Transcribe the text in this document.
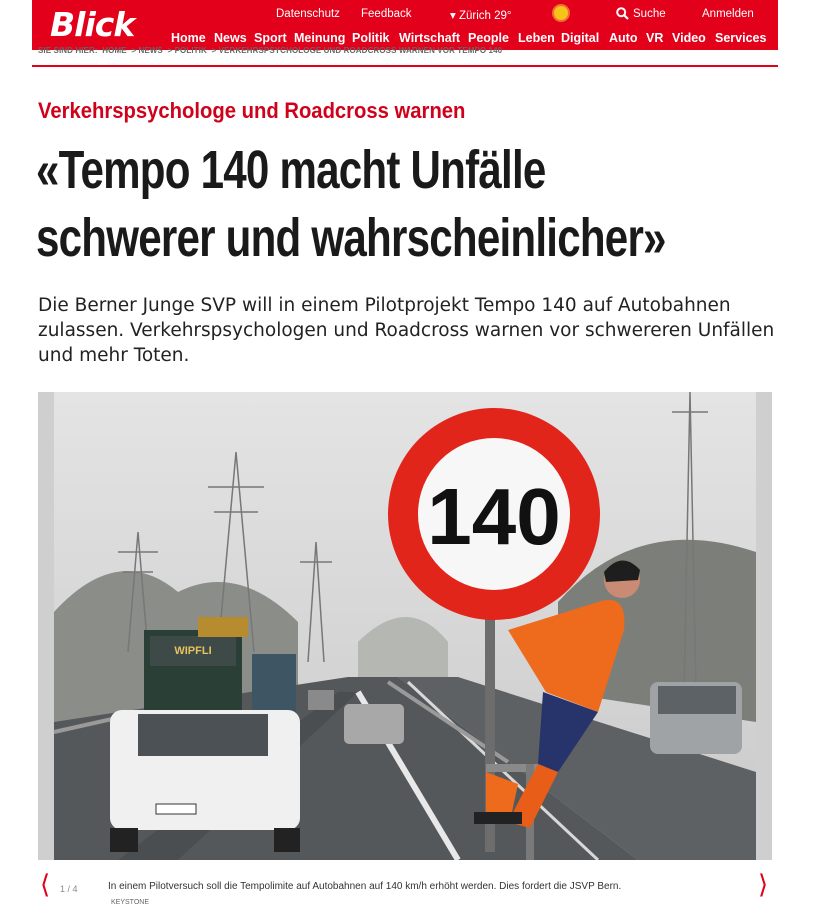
Blick	Datenschutz Feedback	▾ Zürich 29°	Suche	Anmelden
Home News Sport Meinung Politik Wirtschaft People Leben Digital Auto VR Video Services
SIE SIND HIER: HOME  > NEWS  > POLITIK  > VERKEHRSPSYCHOLOGE UND ROADCROSS WARNEN VOR TEMPO 140
Verkehrspsychologe und Roadcross warnen
«Tempo 140 macht Unfälle
schwerer und wahrscheinlicher»
Die Berner Junge SVP will in einem Pilotprojekt Tempo 140 auf Autobahnen zulassen. Verkehrspsychologen und Roadcross warnen vor schwereren Unfällen und mehr Toten.
WIPFLI
140
⟨ 1 / 4	In einem Pilotversuch soll die Tempolimite auf Autobahnen auf 140 km/h erhöht werden. Dies fordert die JSVP Bern.
KEYSTONE
⟩
